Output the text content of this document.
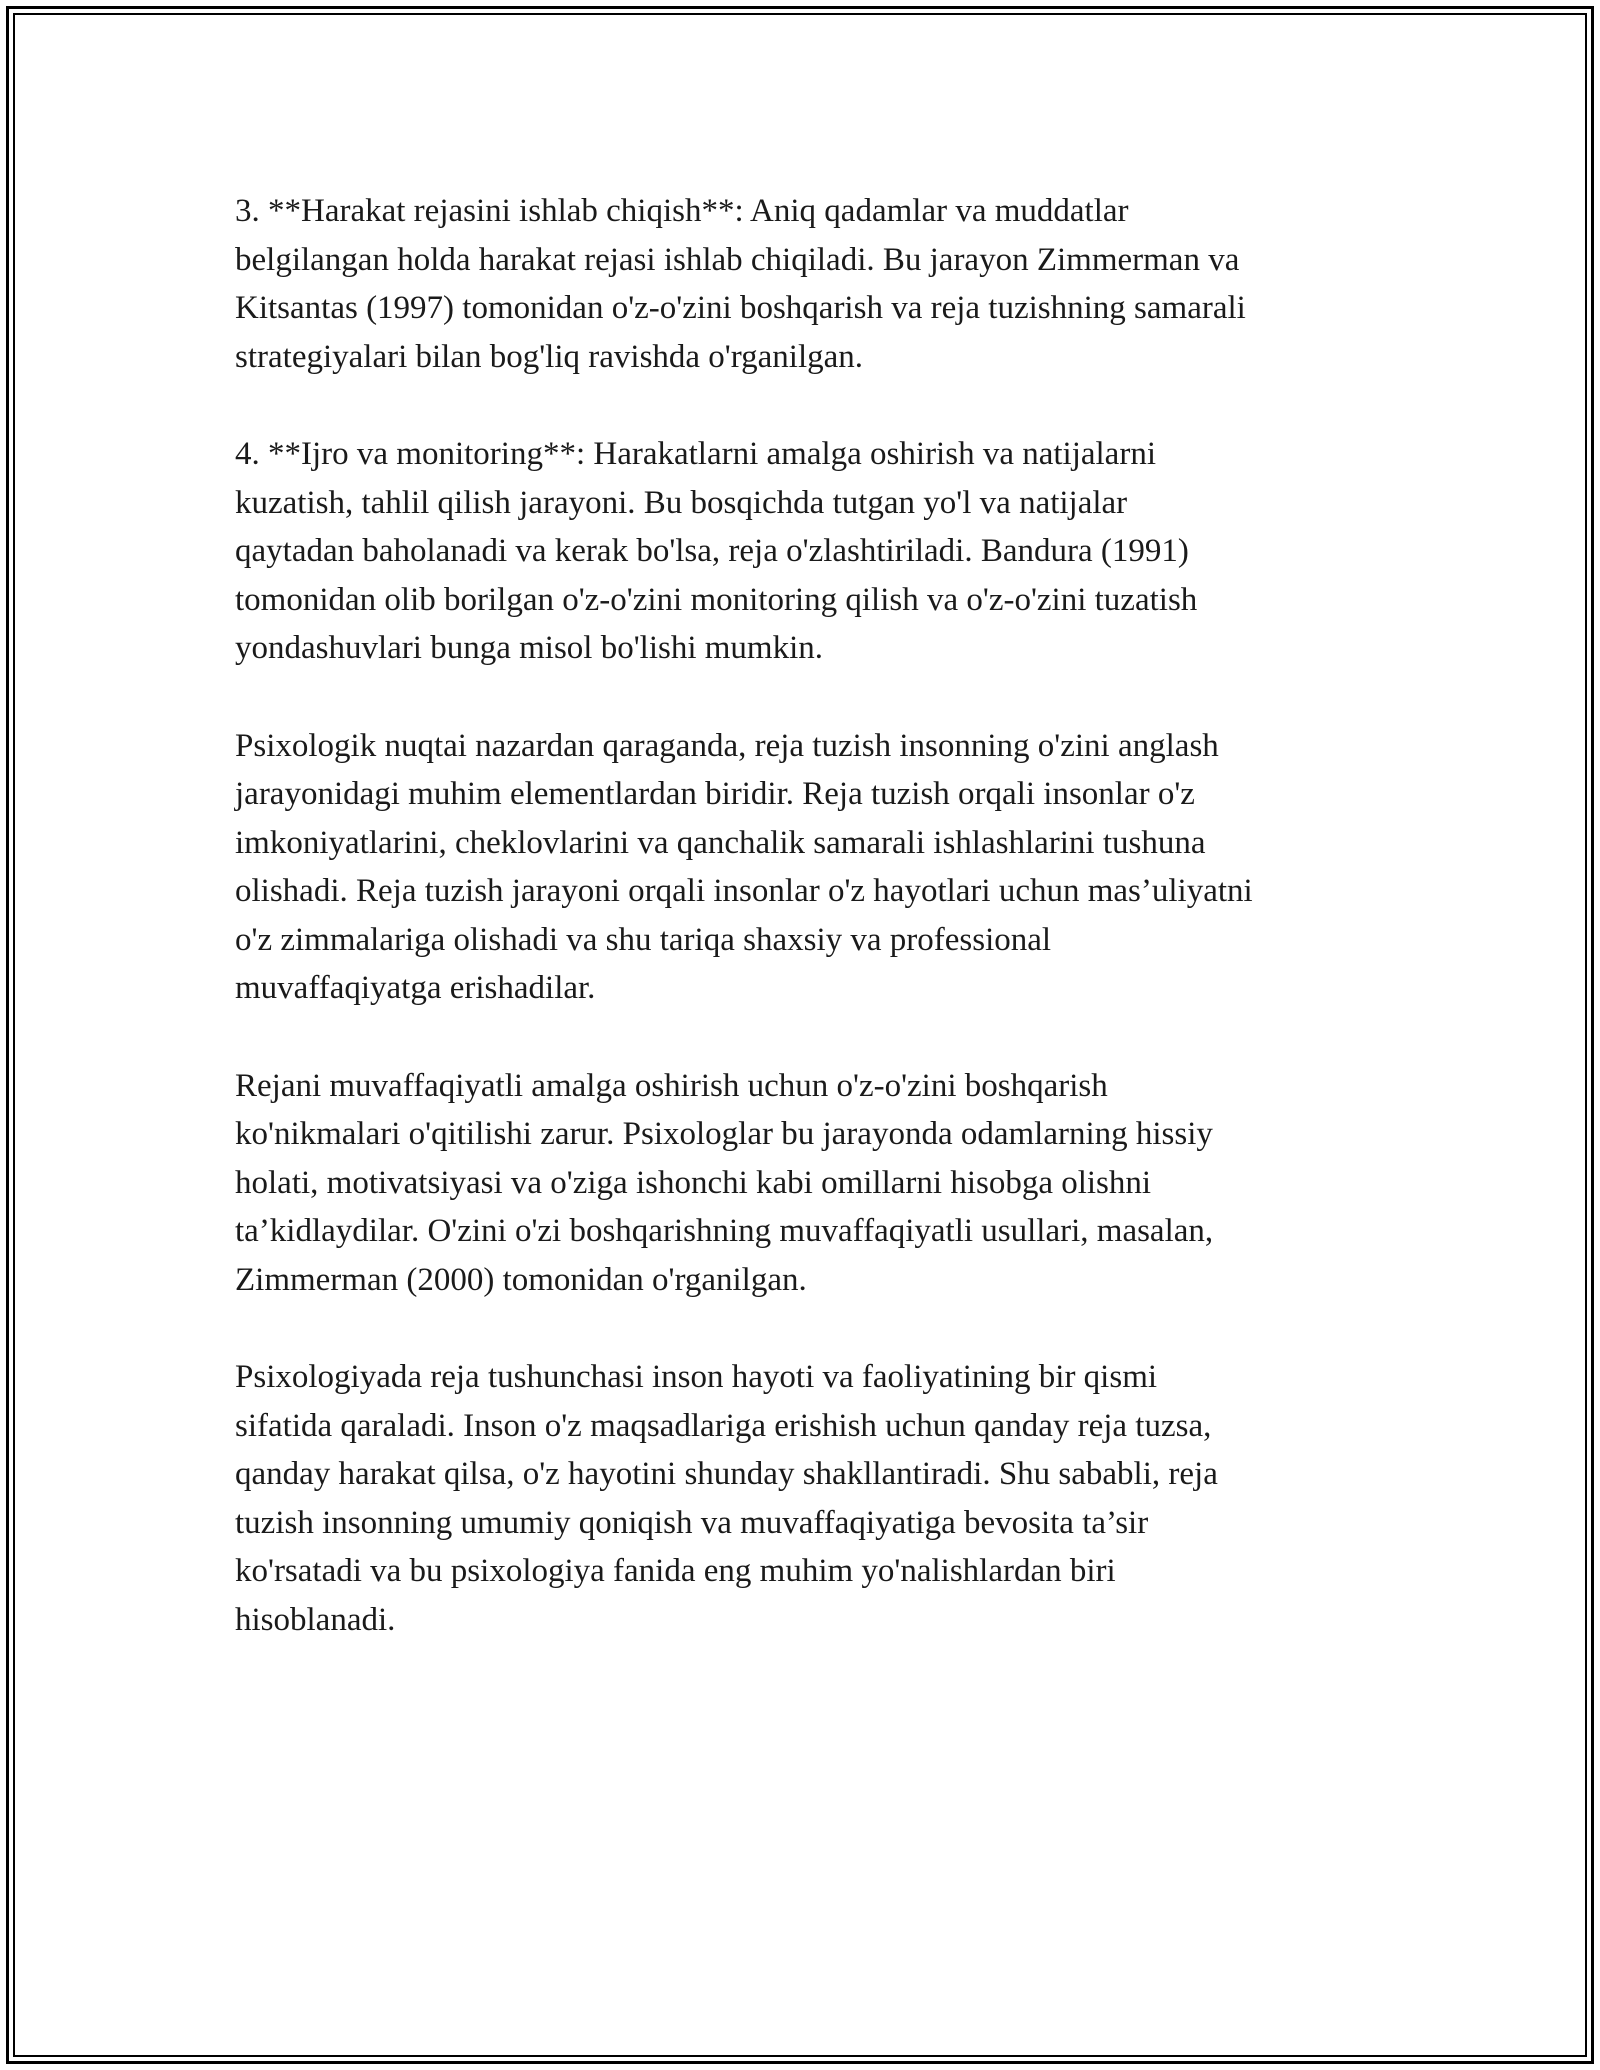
3. **Harakat rejasini ishlab chiqish**: Aniq qadamlar va muddatlar
belgilangan holda harakat rejasi ishlab chiqiladi. Bu jarayon Zimmerman va
Kitsantas (1997) tomonidan o'z-o'zini boshqarish va reja tuzishning samarali
strategiyalari bilan bog'liq ravishda o'rganilgan.

4. **Ijro va monitoring**: Harakatlarni amalga oshirish va natijalarni
kuzatish, tahlil qilish jarayoni. Bu bosqichda tutgan yo'l va natijalar
qaytadan baholanadi va kerak bo'lsa, reja o'zlashtiriladi. Bandura (1991)
tomonidan olib borilgan o'z-o'zini monitoring qilish va o'z-o'zini tuzatish
yondashuvlari bunga misol bo'lishi mumkin.

Psixologik nuqtai nazardan qaraganda, reja tuzish insonning o'zini anglash
jarayonidagi muhim elementlardan biridir. Reja tuzish orqali insonlar o'z
imkoniyatlarini, cheklovlarini va qanchalik samarali ishlashlarini tushuna
olishadi. Reja tuzish jarayoni orqali insonlar o'z hayotlari uchun mas’uliyatni
o'z zimmalariga olishadi va shu tariqa shaxsiy va professional
muvaffaqiyatga erishadilar.

Rejani muvaffaqiyatli amalga oshirish uchun o'z-o'zini boshqarish
ko'nikmalari o'qitilishi zarur. Psixologlar bu jarayonda odamlarning hissiy
holati, motivatsiyasi va o'ziga ishonchi kabi omillarni hisobga olishni
ta’kidlaydilar. O'zini o'zi boshqarishning muvaffaqiyatli usullari, masalan,
Zimmerman (2000) tomonidan o'rganilgan.

Psixologiyada reja tushunchasi inson hayoti va faoliyatining bir qismi
sifatida qaraladi. Inson o'z maqsadlariga erishish uchun qanday reja tuzsa,
qanday harakat qilsa, o'z hayotini shunday shakllantiradi. Shu sababli, reja
tuzish insonning umumiy qoniqish va muvaffaqiyatiga bevosita ta’sir
ko'rsatadi va bu psixologiya fanida eng muhim yo'nalishlardan biri
hisoblanadi.
